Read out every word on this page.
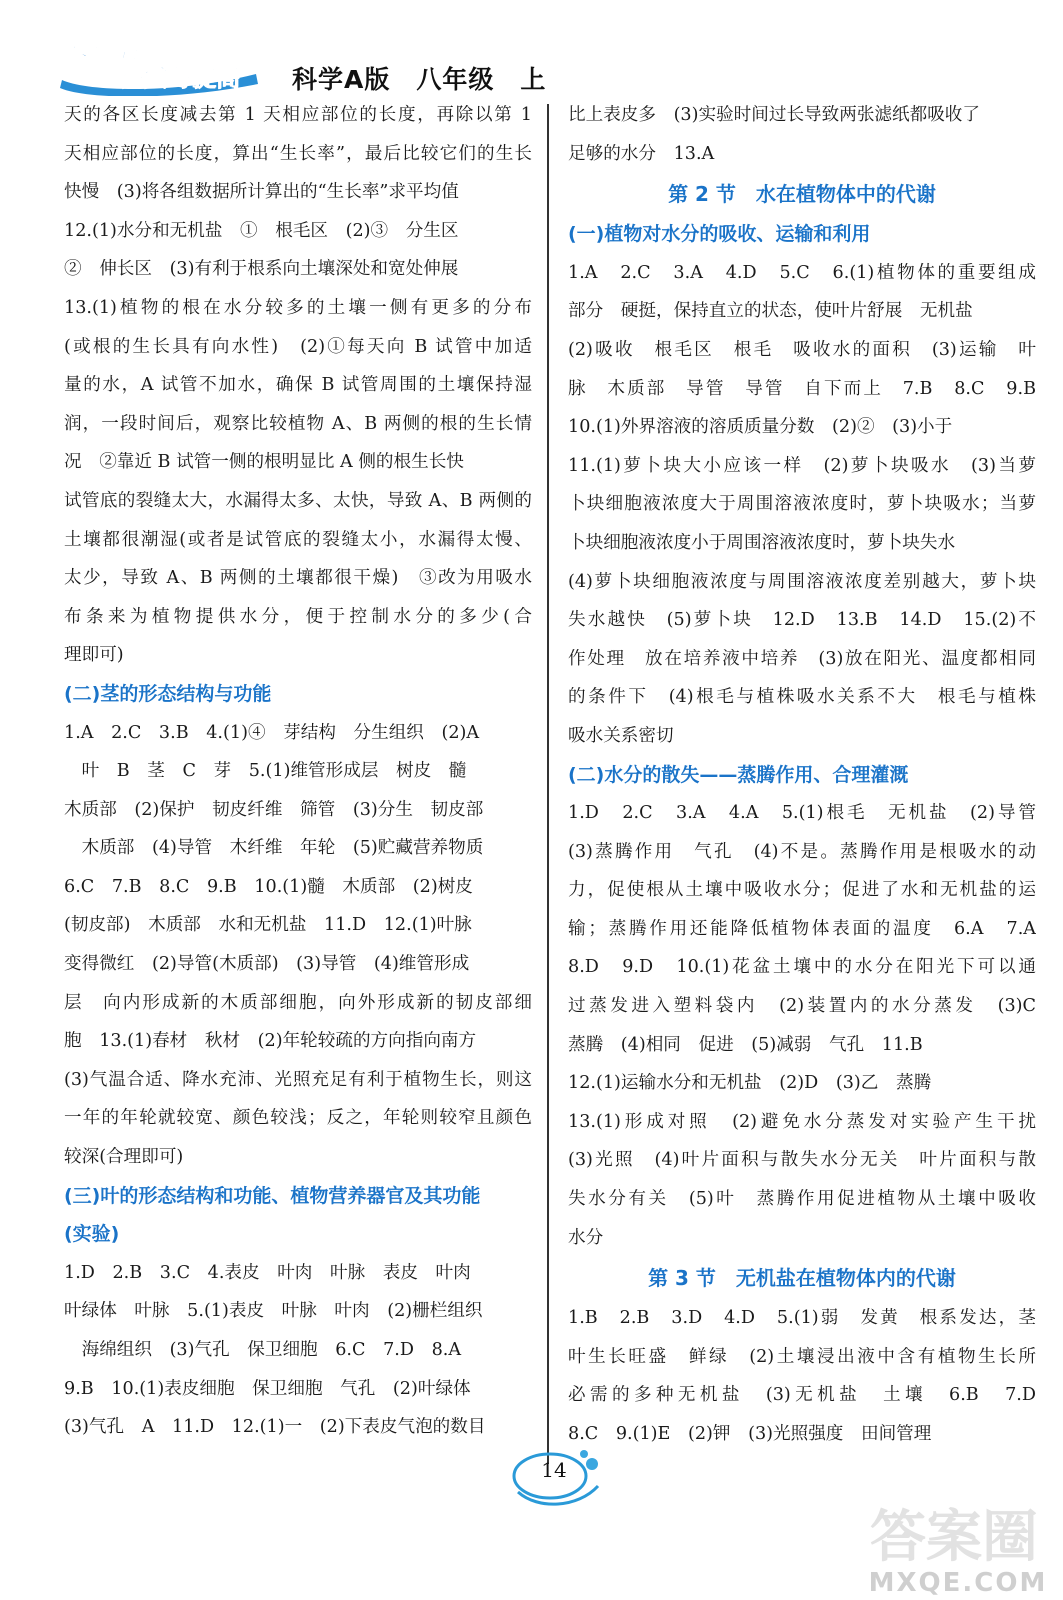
全优方案
夯实与提高 科学A版　八年级　上
天的各区长度减去第 1 天相应部位的长度，再除以第 1
天相应部位的长度，算出“生长率”，最后比较它们的生长
快慢　(3)将各组数据所计算出的“生长率”求平均值
12.(1)水分和无机盐　①　根毛区　(2)③　分生区
②　伸长区　(3)有利于根系向土壤深处和宽处伸展
13.(1)植物的根在水分较多的土壤一侧有更多的分布
(或根的生长具有向水性)　(2)①每天向 B 试管中加适
量的水，A 试管不加水，确保 B 试管周围的土壤保持湿
润，一段时间后，观察比较植物 A、B 两侧的根的生长情
况　②靠近 B 试管一侧的根明显比 A 侧的根生长快
试管底的裂缝太大，水漏得太多、太快，导致 A、B 两侧的
土壤都很潮湿(或者是试管底的裂缝太小，水漏得太慢、
太少，导致 A、B 两侧的土壤都很干燥)　③改为用吸水
布条来为植物提供水分，便于控制水分的多少(合
理即可)
(二)茎的形态结构与功能
1.A　2.C　3.B　4.(1)④　芽结构　分生组织　(2)A
　叶　B　茎　C　芽　5.(1)维管形成层　树皮　髓
木质部　(2)保护　韧皮纤维　筛管　(3)分生　韧皮部
　木质部　(4)导管　木纤维　年轮　(5)贮藏营养物质
6.C　7.B　8.C　9.B　10.(1)髓　木质部　(2)树皮
(韧皮部)　木质部　水和无机盐　11.D　12.(1)叶脉
变得微红　(2)导管(木质部)　(3)导管　(4)维管形成
层　向内形成新的木质部细胞，向外形成新的韧皮部细
胞　13.(1)春材　秋材　(2)年轮较疏的方向指向南方
(3)气温合适、降水充沛、光照充足有利于植物生长，则这
一年的年轮就较宽、颜色较浅；反之，年轮则较窄且颜色
较深(合理即可)
(三)叶的形态结构和功能、植物营养器官及其功能
(实验)
1.D　2.B　3.C　4.表皮　叶肉　叶脉　表皮　叶肉
叶绿体　叶脉　5.(1)表皮　叶脉　叶肉　(2)栅栏组织
　海绵组织　(3)气孔　保卫细胞　6.C　7.D　8.A
9.B　10.(1)表皮细胞　保卫细胞　气孔　(2)叶绿体
(3)气孔　A　11.D　12.(1)一　(2)下表皮气泡的数目
比上表皮多　(3)实验时间过长导致两张滤纸都吸收了
足够的水分　13.A
第 2 节　水在植物体中的代谢
(一)植物对水分的吸收、运输和利用
1.A　2.C　3.A　4.D　5.C　6.(1)植物体的重要组成
部分　硬挺，保持直立的状态，使叶片舒展　无机盐
(2)吸收　根毛区　根毛　吸收水的面积　(3)运输　叶
脉　木质部　导管　导管　自下而上　7.B　8.C　9.B
10.(1)外界溶液的溶质质量分数　(2)②　(3)小于
11.(1)萝卜块大小应该一样　(2)萝卜块吸水　(3)当萝
卜块细胞液浓度大于周围溶液浓度时，萝卜块吸水；当萝
卜块细胞液浓度小于周围溶液浓度时，萝卜块失水
(4)萝卜块细胞液浓度与周围溶液浓度差别越大，萝卜块
失水越快　(5)萝卜块　12.D　13.B　14.D　15.(2)不
作处理　放在培养液中培养　(3)放在阳光、温度都相同
的条件下　(4)根毛与植株吸水关系不大　根毛与植株
吸水关系密切
(二)水分的散失——蒸腾作用、合理灌溉
1.D　2.C　3.A　4.A　5.(1)根毛　无机盐　(2)导管
(3)蒸腾作用　气孔　(4)不是。蒸腾作用是根吸水的动
力，促使根从土壤中吸收水分；促进了水和无机盐的运
输；蒸腾作用还能降低植物体表面的温度　6.A　7.A
8.D　9.D　10.(1)花盆土壤中的水分在阳光下可以通
过蒸发进入塑料袋内　(2)装置内的水分蒸发　(3)C
蒸腾　(4)相同　促进　(5)减弱　气孔　11.B
12.(1)运输水分和无机盐　(2)D　(3)乙　蒸腾
13.(1)形成对照　(2)避免水分蒸发对实验产生干扰
(3)光照　(4)叶片面积与散失水分无关　叶片面积与散
失水分有关　(5)叶　蒸腾作用促进植物从土壤中吸收
水分
第 3 节　无机盐在植物体内的代谢
1.B　2.B　3.D　4.D　5.(1)弱　发黄　根系发达，茎
叶生长旺盛　鲜绿　(2)土壤浸出液中含有植物生长所
必需的多种无机盐　(3)无机盐　土壤　6.B　7.D
8.C　9.(1)E　(2)钾　(3)光照强度　田间管理
14
答案圈
MXQE.COM
